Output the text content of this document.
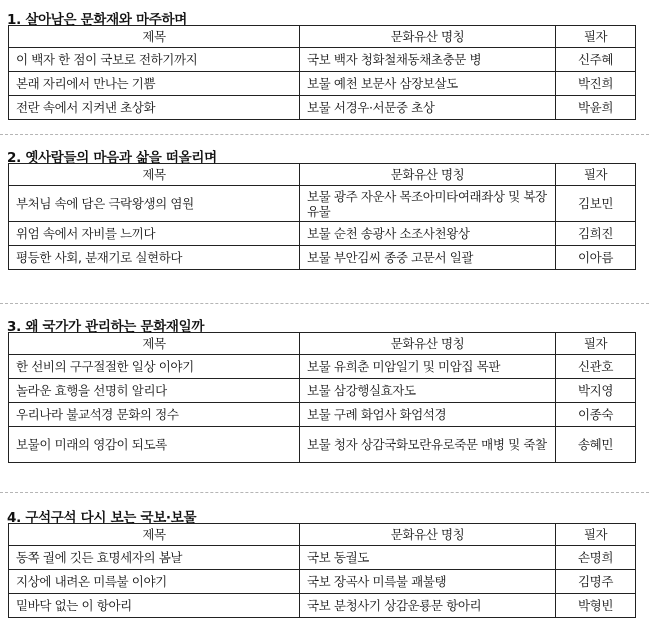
1. 살아남은 문화재와 마주하며
제목	문화유산 명칭	필자
이 백자 한 점이 국보로 전하기까지	국보 백자 청화철채동채초충문 병	신주혜
본래 자리에서 만나는 기쁨	보물 예천 보문사 삼장보살도	박진희
전란 속에서 지켜낸 초상화	보물 서경우·서문중 초상	박윤희
2. 옛사람들의 마음과 삶을 떠올리며
제목	문화유산 명칭	필자
부처님 속에 담은 극락왕생의 염원	보물 광주 자운사 목조아미타여래좌상 및 복장유물	김보민
위엄 속에서 자비를 느끼다	보물 순천 송광사 소조사천왕상	김희진
평등한 사회, 분재기로 실현하다	보물 부안김씨 종중 고문서 일괄	이아름
3. 왜 국가가 관리하는 문화재일까
제목	문화유산 명칭	필자
한 선비의 구구절절한 일상 이야기	보물 유희춘 미암일기 및 미암집 목판	신관호
놀라운 효행을 선명히 알리다	보물 삼강행실효자도	박지영
우리나라 불교석경 문화의 정수	보물 구례 화엄사 화엄석경	이종숙
보물이 미래의 영감이 되도록	보물 청자 상감국화모란유로죽문 매병 및 죽찰	송혜민
4. 구석구석 다시 보는 국보·보물
제목	문화유산 명칭	필자
동쪽 궐에 깃든 효명세자의 봄날	국보 동궐도	손명희
지상에 내려온 미륵불 이야기	국보 장곡사 미륵불 괘불탱	김명주
밑바닥 없는 이 항아리	국보 분청사기 상감운룡문 항아리	박형빈
